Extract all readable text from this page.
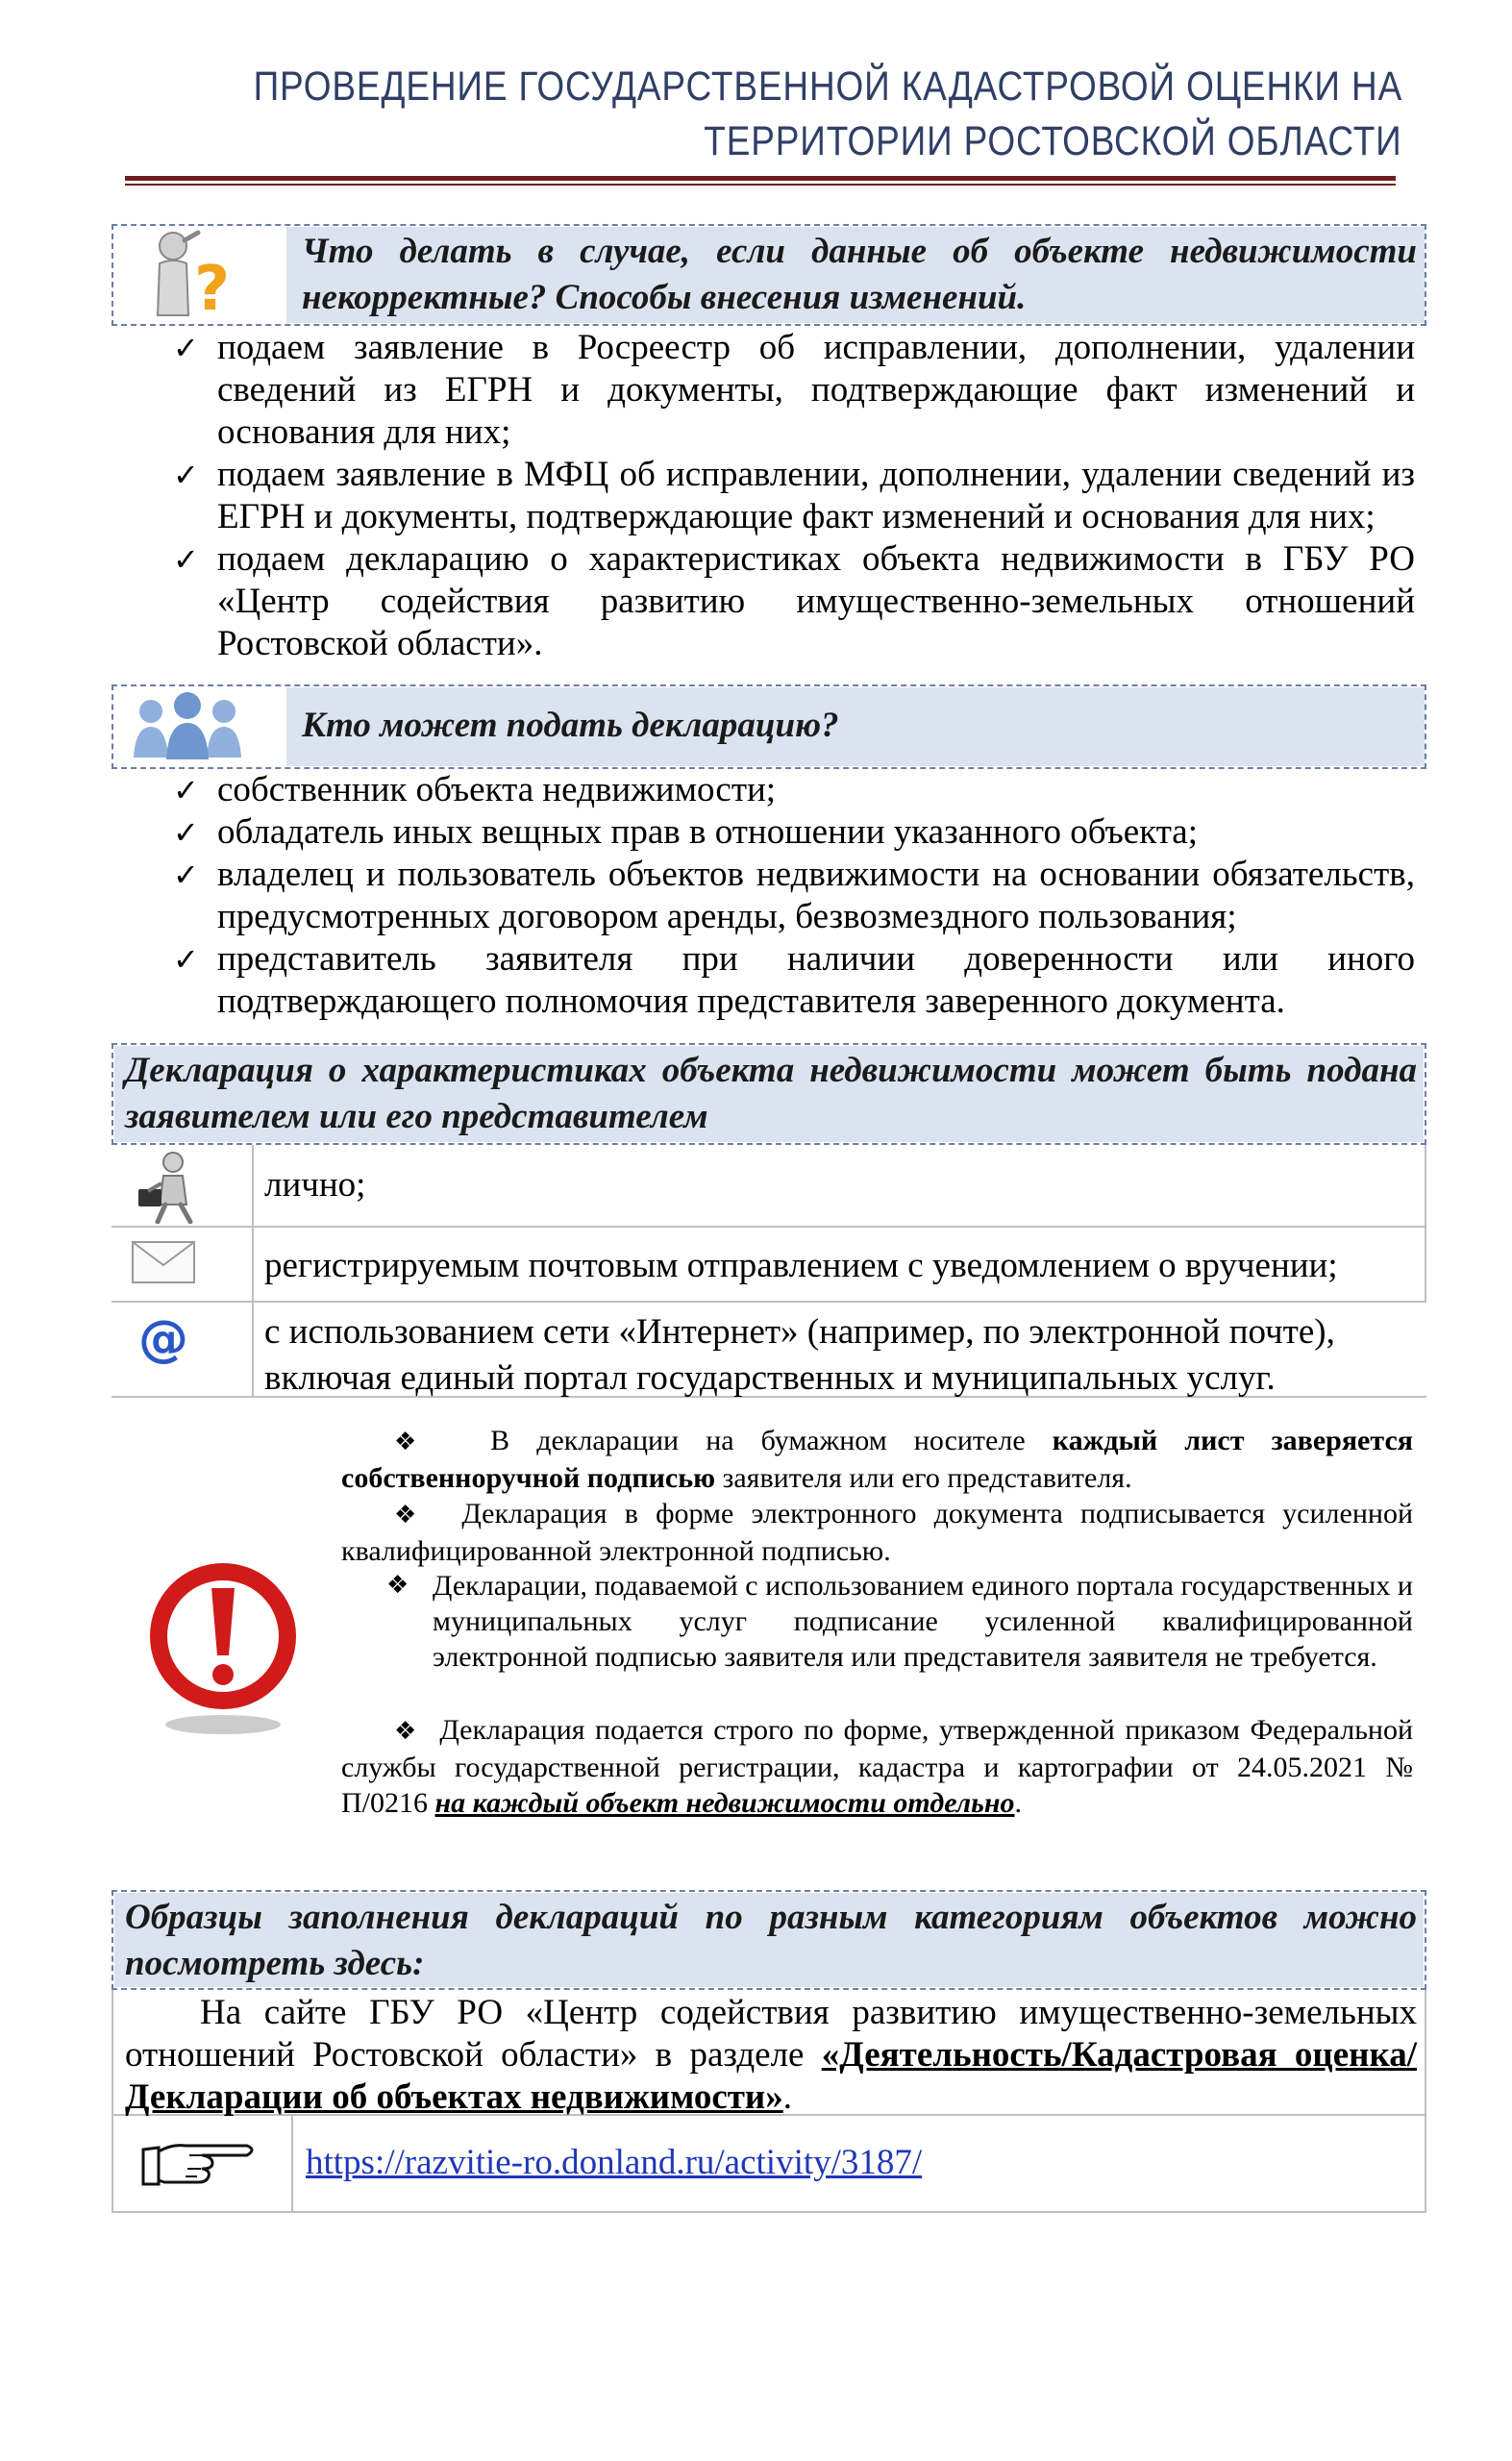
ПРОВЕДЕНИЕ ГОСУДАРСТВЕННОЙ КАДАСТРОВОЙ ОЦЕНКИ НА
ТЕРРИТОРИИ РОСТОВСКОЙ ОБЛАСТИ
?
Что делать в случае, если данные об объекте недвижимости
некорректные? Способы внесения изменений.
✓ подаем заявление в Росреестр об исправлении, дополнении, удалении сведений из ЕГРН и документы, подтверждающие факт изменений и основания для них;
✓ подаем заявление в МФЦ об исправлении, дополнении, удалении сведений из ЕГРН и документы, подтверждающие факт изменений и основания для них;
✓ подаем декларацию о характеристиках объекта недвижимости в ГБУ РО «Центр содействия развитию имущественно-земельных отношений Ростовской области».
Кто может подать декларацию?
✓ собственник объекта недвижимости;
✓ обладатель иных вещных прав в отношении указанного объекта;
✓ владелец и пользователь объектов недвижимости на основании обязательств, предусмотренных договором аренды, безвозмездного пользования;
✓ представитель заявителя при наличии доверенности или иного подтверждающего полномочия представителя заверенного документа.
Декларация о характеристиках объекта недвижимости может быть подана
заявителем или его представителем
лично;
регистрируемым почтовым отправлением с уведомлением о вручении;
@ с использованием сети «Интернет» (например, по электронной почте),
включая единый портал государственных и муниципальных услуг.

❖ В декларации на бумажном носителе каждый лист заверяется собственноручной подписью заявителя или его представителя.

❖ Декларация в форме электронного документа подписывается усиленной квалифицированной электронной подписью.

❖ Декларации, подаваемой с использованием единого портала государственных и муниципальных услуг подписание усиленной квалифицированной электронной подписью заявителя или представителя заявителя не требуется.

❖ Декларация подается строго по форме, утвержденной приказом Федеральной службы государственной регистрации, кадастра и картографии от 24.05.2021 № П/0216 на каждый объект недвижимости отдельно.

Образцы заполнения деклараций по разным категориям объектов можно
посмотреть здесь:
На сайте ГБУ РО «Центр содействия развитию имущественно-земельных отношений Ростовской области» в разделе «Деятельность/Кадастровая оценка/Декларации об объектах недвижимости».
https://razvitie-ro.donland.ru/activity/3187/
